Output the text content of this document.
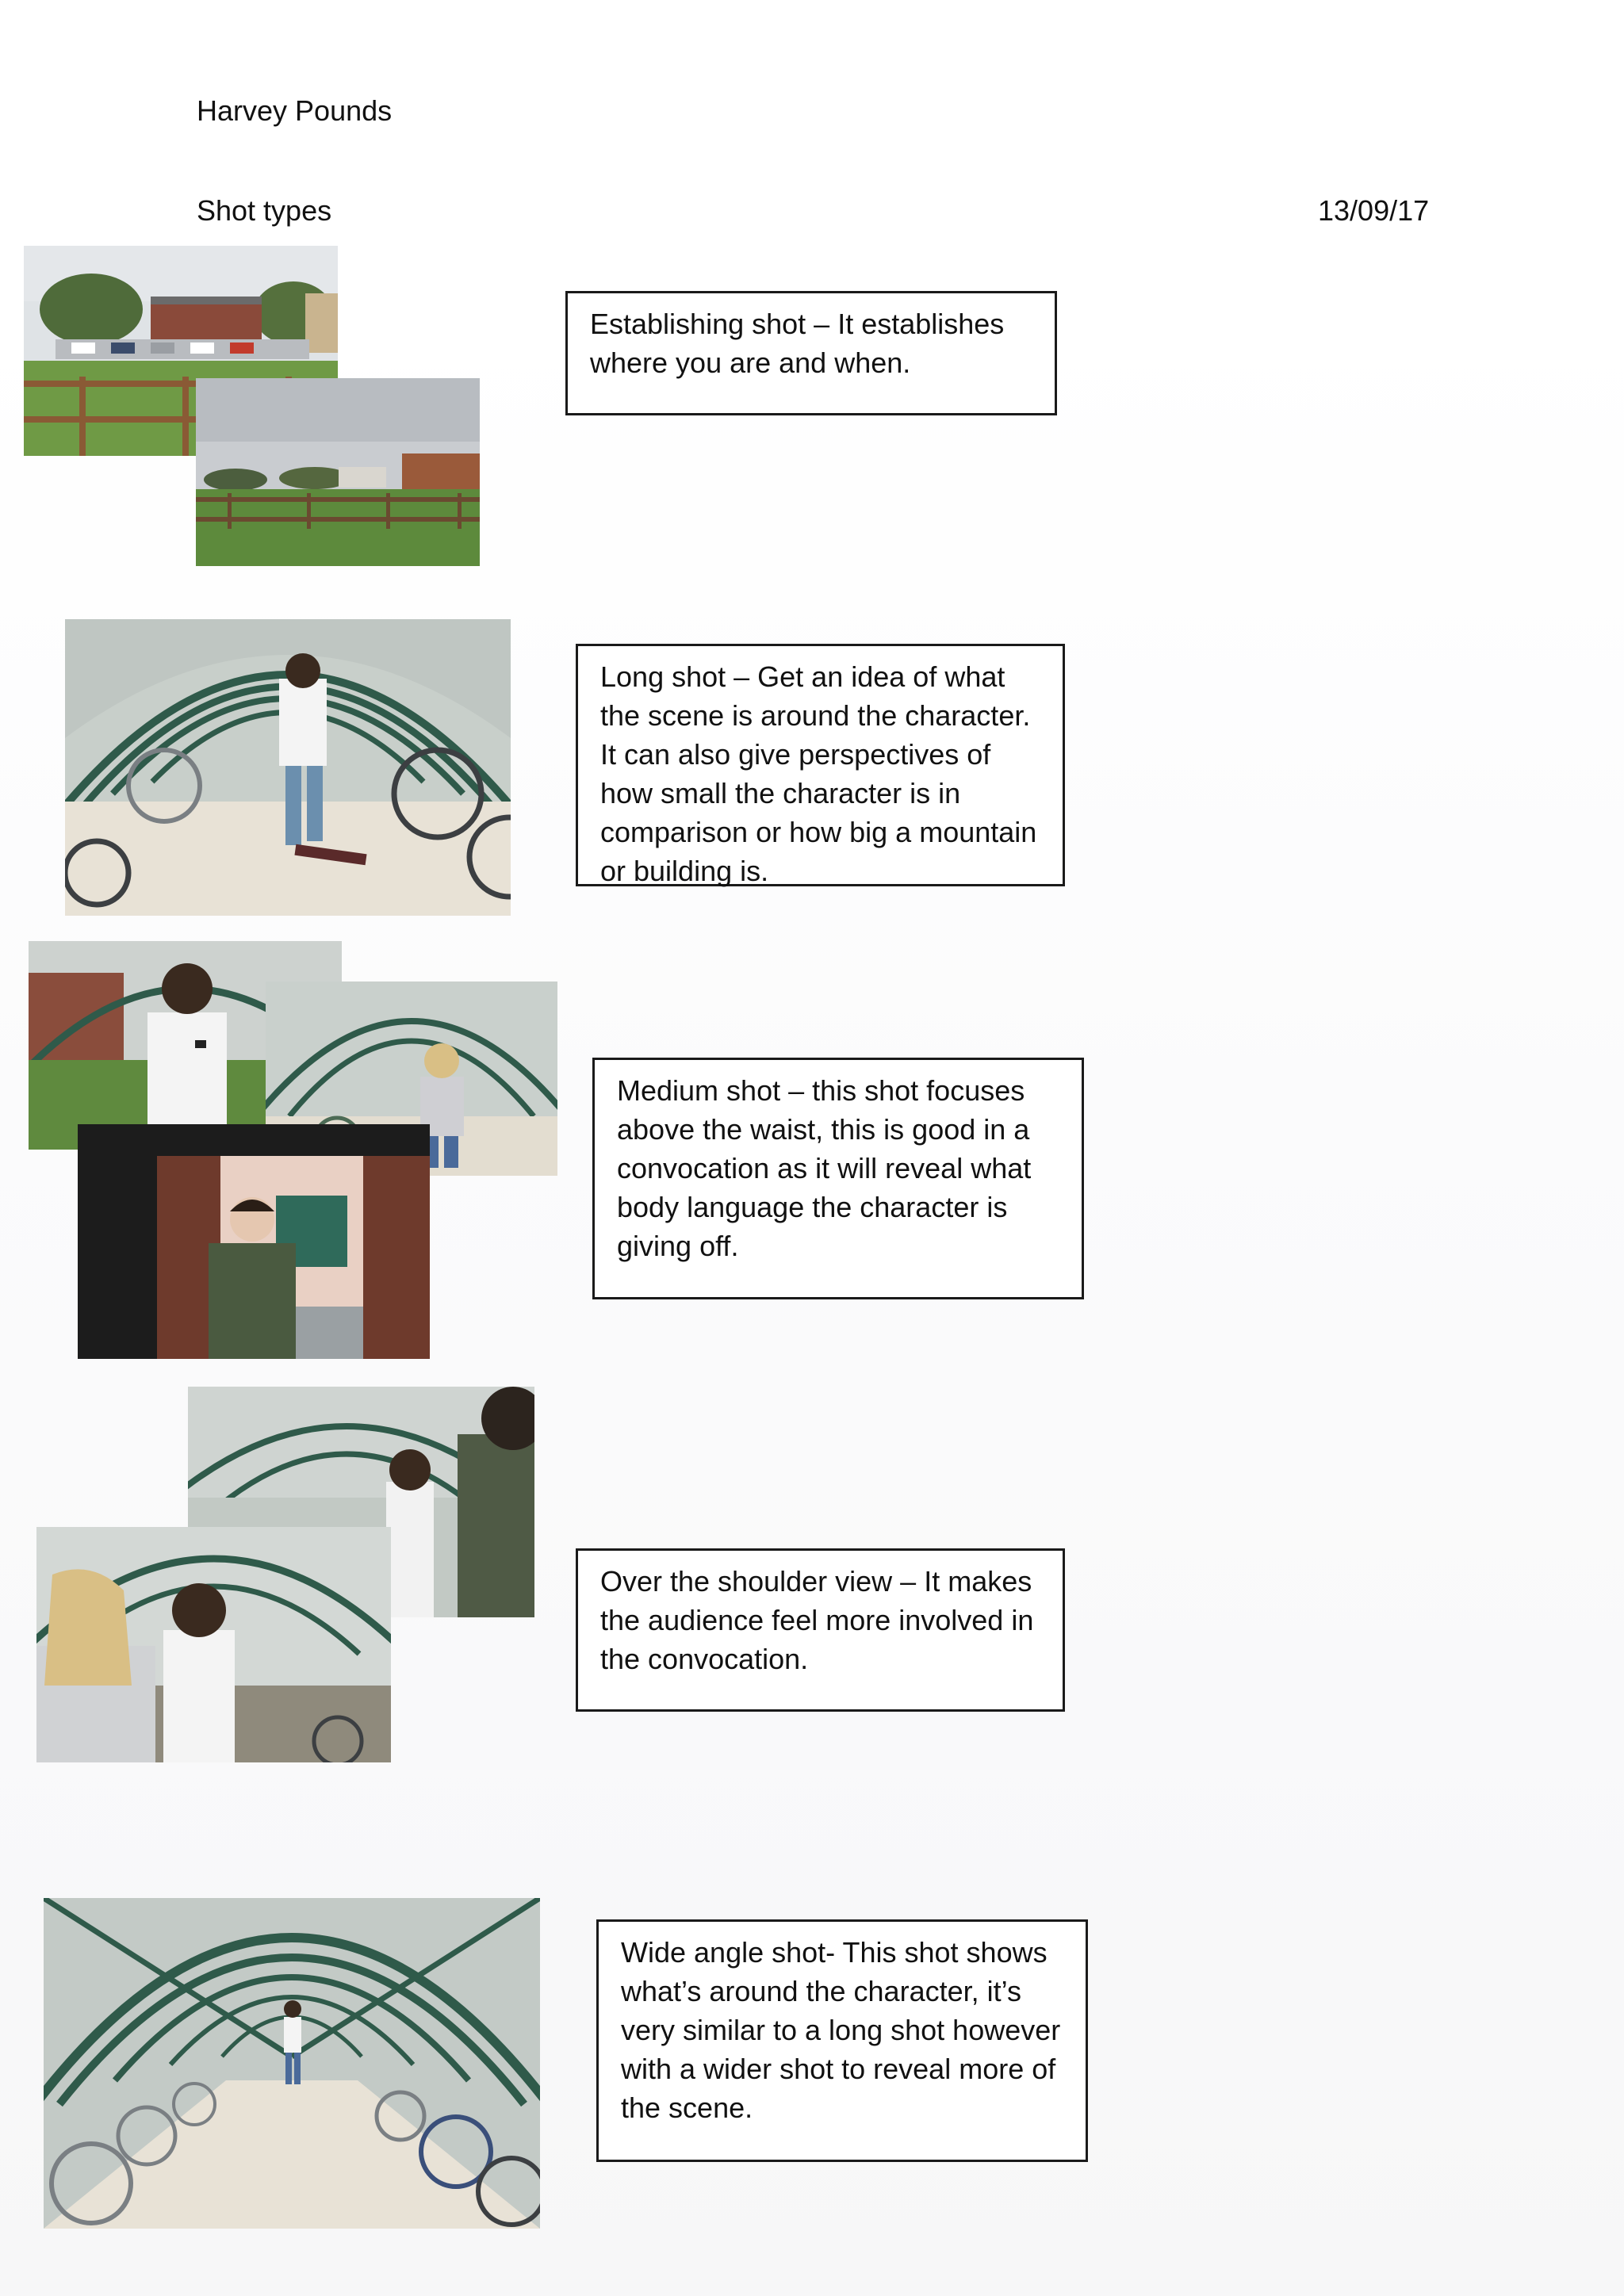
Harvey Pounds
Shot types	13/09/17
Establishing shot – It establishes where you are and when.
Long shot – Get an idea of what the scene is around the character. It can also give perspectives of how small the character is in comparison or how big a mountain or building is.
Medium shot – this shot focuses above the waist, this is good in a convocation as it will reveal what body language the character is giving off.
Over the shoulder view – It makes the audience feel more involved in the convocation.
Wide angle shot- This shot shows what’s around the character, it’s very similar to a long shot however with a wider shot to reveal more of the scene.
